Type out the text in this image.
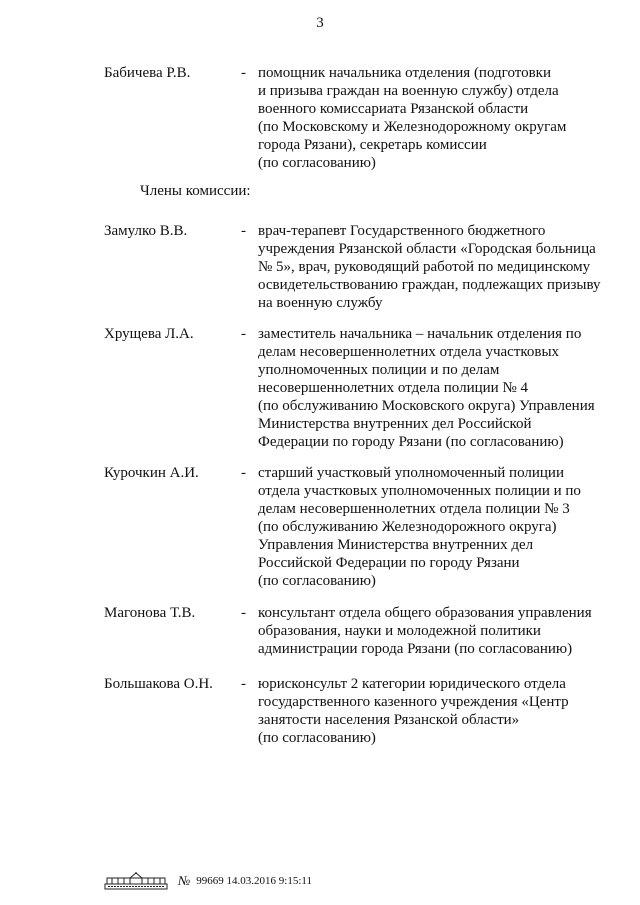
3
Бабичева Р.В.	- помощник начальника отделения (подготовки
и призыва граждан на военную службу) отдела
военного комиссариата Рязанской области
(по Московскому и Железнодорожному округам
города Рязани), секретарь комиссии
(по согласованию)
Члены комиссии:
Замулко В.В.	- врач-терапевт Государственного бюджетного
учреждения Рязанской области «Городская больница
№ 5», врач, руководящий работой по медицинскому
освидетельствованию граждан, подлежащих призыву
на военную службу
Хрущева Л.А.	- заместитель начальника – начальник отделения по
делам несовершеннолетних отдела участковых
уполномоченных полиции и по делам
несовершеннолетних отдела полиции № 4
(по обслуживанию Московского округа) Управления
Министерства внутренних дел Российской
Федерации по городу Рязани (по согласованию)
Курочкин А.И.	- старший участковый уполномоченный полиции
отдела участковых уполномоченных полиции и по
делам несовершеннолетних отдела полиции № 3
(по обслуживанию Железнодорожного округа)
Управления Министерства внутренних дел
Российской Федерации по городу Рязани
(по согласованию)
Магонова Т.В.	- консультант отдела общего образования управления
образования, науки и молодежной политики
администрации города Рязани (по согласованию)
Большакова О.Н. - юрисконсульт 2 категории юридического отдела
государственного казенного учреждения «Центр
занятости населения Рязанской области»
(по согласованию)
№ 99669 14.03.2016 9:15:11
